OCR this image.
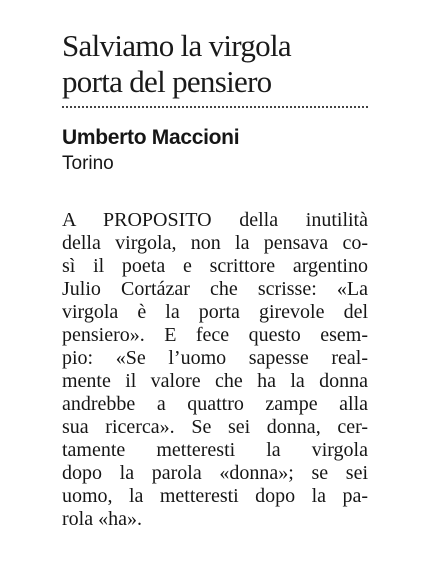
Salviamo la virgola
porta del pensiero
Umberto Maccioni
Torino
A PROPOSITO della inutilità
della virgola, non la pensava co-
sì il poeta e scrittore argentino
Julio Cortázar che scrisse: «La
virgola è la porta girevole del
pensiero». E fece questo esem-
pio: «Se l’uomo sapesse real-
mente il valore che ha la donna
andrebbe a quattro zampe alla
sua ricerca». Se sei donna, cer-
tamente metteresti la virgola
dopo la parola «donna»; se sei
uomo, la metteresti dopo la pa-
rola «ha».
